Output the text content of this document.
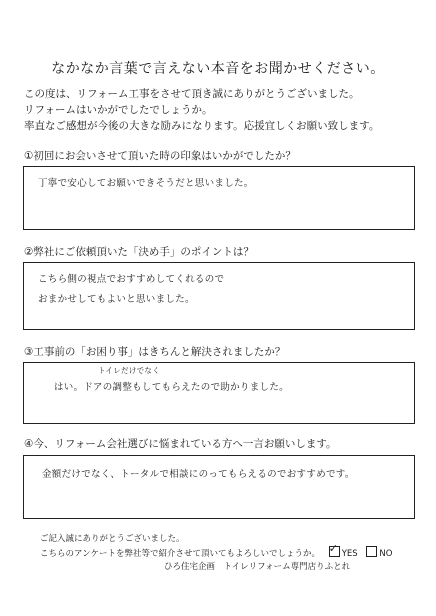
なかなか言葉で言えない本音をお聞かせください。
この度は、リフォーム工事をさせて頂き誠にありがとうございました。
リフォームはいかがでしたでしょうか。
率直なご感想が今後の大きな励みになります。応援宜しくお願い致します。
①初回にお会いさせて頂いた時の印象はいかがでしたか？
丁寧で安心してお願いできそうだと思いました。
②弊社にご依頼頂いた「決め手」のポイントは？
こちら側の視点でおすすめしてくれるので
おまかせしてもよいと思いました。
③工事前の「お困り事」はきちんと解決されましたか？
トイレだけでなく
はい。ドアの調整もしてもらえたので助かりました。
④今、リフォーム会社選びに悩まれている方へ一言お願いします。
金額だけでなく、トータルで相談にのってもらえるのでおすすめです。
ご記入誠にありがとうございました。
こちらのアンケートを弊社等で紹介させて頂いてもよろしいでしょうか。 ✓	YES	NO
ひろ住宅企画　トイレリフォーム専門店りふとれ
